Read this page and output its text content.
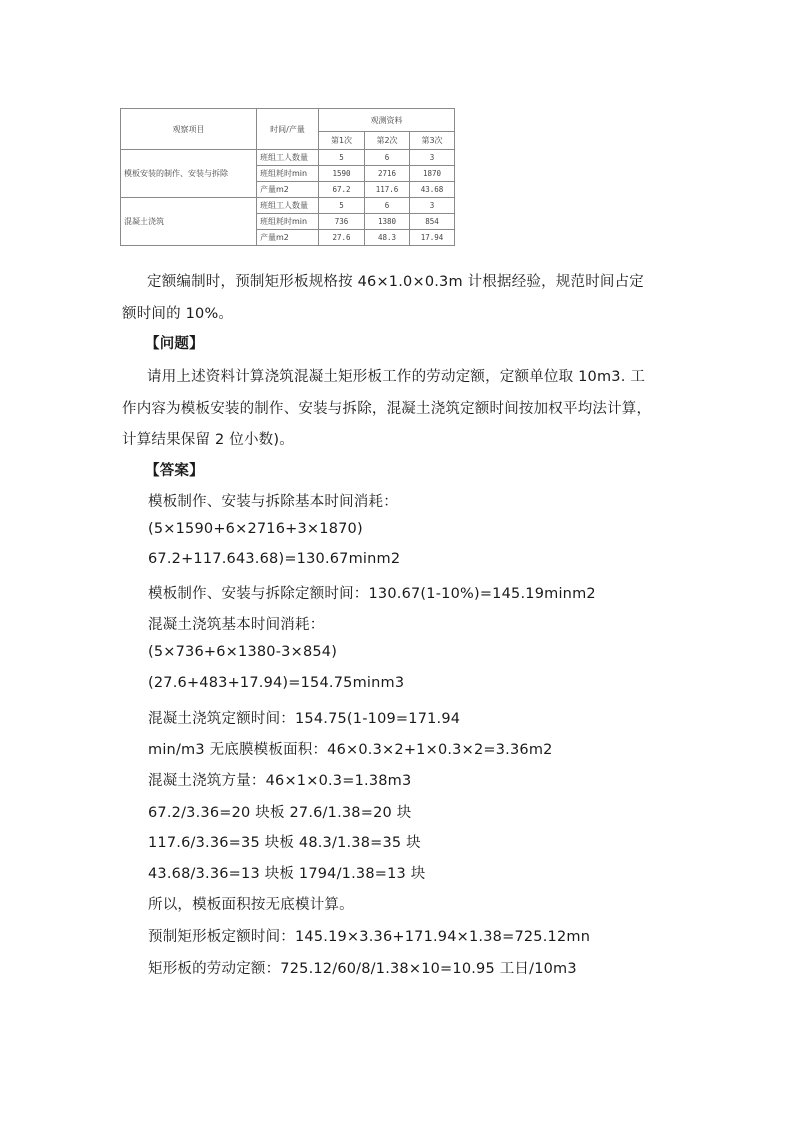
观察项目	时间/产量	观测资料		
		第1次	第2次	第3次
模板安装的制作、安装与拆除	班组工人数量	5	6	3
	班组耗时min	1590	2716	1870
	产量m2	67.2	117.6	43.68
混凝土浇筑	班组工人数量	5	6	3
	班组耗时min	736	1380	854
	产量m2	27.6	48.3	17.94
定额编制时，预制矩形板规格按 46×1.0×0.3m 计根据经验，规范时间占定
额时间的 10%。
【问题】
请用上述资料计算浇筑混凝土矩形板工作的劳动定额，定额单位取 10m3. 工
作内容为模板安装的制作、安装与拆除，混凝土浇筑定额时间按加权平均法计算，
计算结果保留 2 位小数)。
【答案】
模板制作、安装与拆除基本时间消耗：
(5×1590+6×2716+3×1870)
67.2+117.643.68)=130.67minm2
模板制作、安装与拆除定额时间：130.67(1-10%)=145.19minm2
混凝土浇筑基本时间消耗：
(5×736+6×1380-3×854)
(27.6+483+17.94)=154.75minm3
混凝土浇筑定额时间：154.75(1-109=171.94
min/m3 无底膜模板面积：46×0.3×2+1×0.3×2=3.36m2
混凝土浇筑方量：46×1×0.3=1.38m3
67.2/3.36=20 块板 27.6/1.38=20 块
117.6/3.36=35 块板 48.3/1.38=35 块
43.68/3.36=13 块板 1794/1.38=13 块
所以，模板面积按无底模计算。
预制矩形板定额时间：145.19×3.36+171.94×1.38=725.12mn
矩形板的劳动定额：725.12/60/8/1.38×10=10.95 工日/10m3
